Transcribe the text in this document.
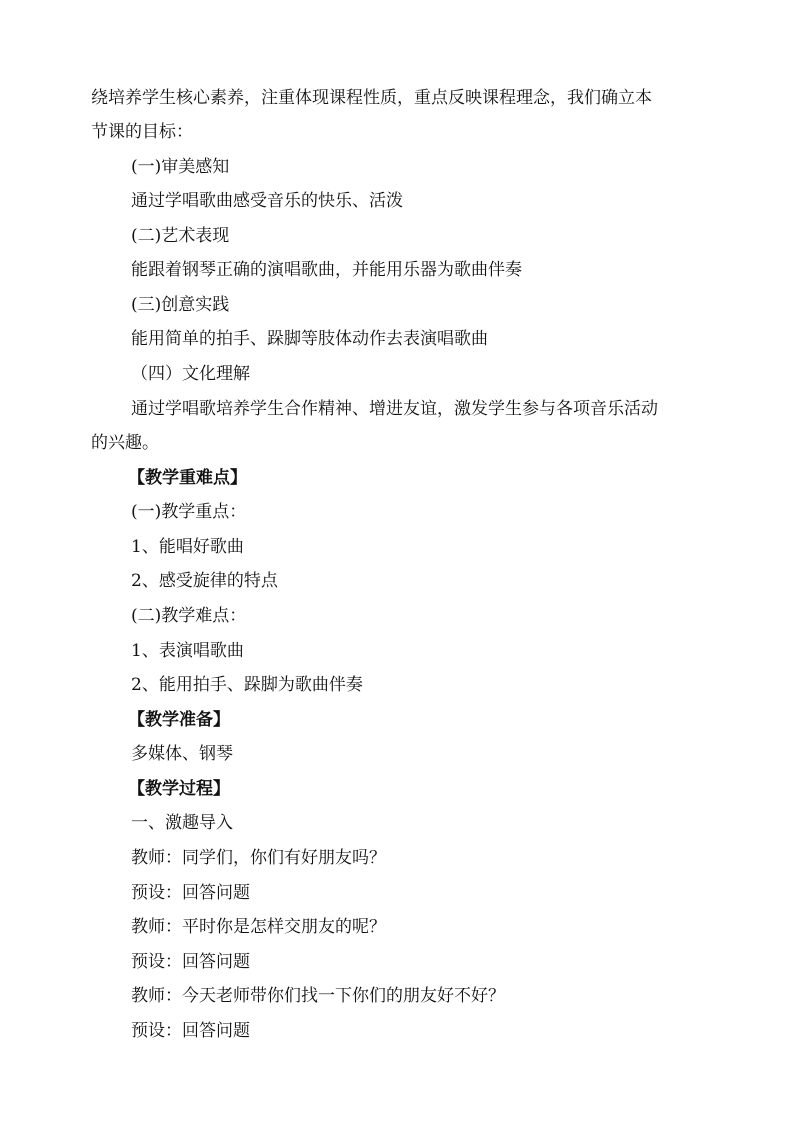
绕培养学生核心素养，注重体现课程性质，重点反映课程理念，我们确立本
节课的目标：
(一)审美感知
通过学唱歌曲感受音乐的快乐、活泼
(二)艺术表现
能跟着钢琴正确的演唱歌曲，并能用乐器为歌曲伴奏
(三)创意实践
能用简单的拍手、跺脚等肢体动作去表演唱歌曲
（四）文化理解
通过学唱歌培养学生合作精神、增进友谊，激发学生参与各项音乐活动
的兴趣。
【教学重难点】
(一)教学重点：
1、能唱好歌曲
2、感受旋律的特点
(二)教学难点：
1、表演唱歌曲
2、能用拍手、跺脚为歌曲伴奏
【教学准备】
多媒体、钢琴
【教学过程】
一、激趣导入
教师：同学们，你们有好朋友吗？
预设：回答问题
教师：平时你是怎样交朋友的呢？
预设：回答问题
教师：今天老师带你们找一下你们的朋友好不好？
预设：回答问题
